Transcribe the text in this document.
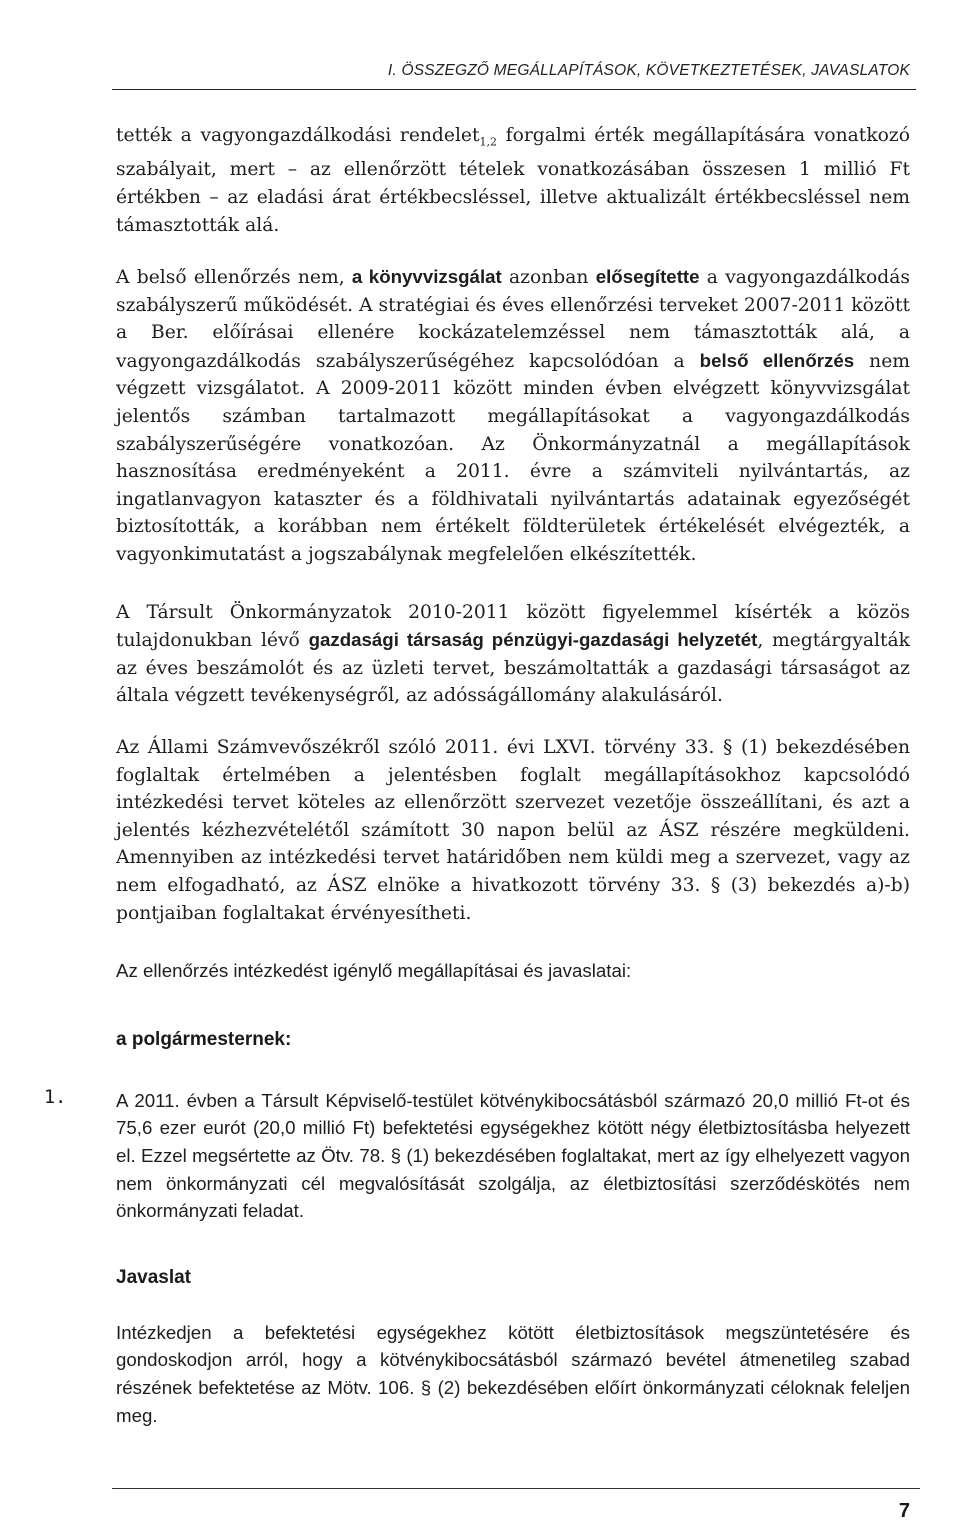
I. ÖSSZEGZŐ MEGÁLLAPÍTÁSOK, KÖVETKEZTETÉSEK, JAVASLATOK

tették a vagyongazdálkodási rendelet$_{1,2}$ forgalmi érték megállapítására vonatkozó szabályait, mert – az ellenőrzött tételek vonatkozásában összesen 1 millió Ft értékben – az eladási árat értékbecsléssel, illetve aktualizált értékbecsléssel nem támasztották alá.

A belső ellenőrzés nem, a könyvvizsgálat azonban elősegítette a vagyongazdálkodás szabályszerű működését. A stratégiai és éves ellenőrzési terveket 2007-2011 között a Ber. előírásai ellenére kockázatelemzéssel nem támasztották alá, a vagyongazdálkodás szabályszerűségéhez kapcsolódóan a belső ellenőrzés nem végzett vizsgálatot. A 2009-2011 között minden évben elvégzett könyvvizsgálat jelentős számban tartalmazott megállapításokat a vagyongazdálkodás szabályszerűségére vonatkozóan. Az Önkormányzatnál a megállapítások hasznosítása eredményeként a 2011. évre a számviteli nyilvántartás, az ingatlanvagyon kataszter és a földhivatali nyilvántartás adatainak egyezőségét biztosították, a korábban nem értékelt földterületek értékelését elvégezték, a vagyonkimutatást a jogszabálynak megfelelően elkészítették.

A Társult Önkormányzatok 2010-2011 között figyelemmel kísérték a közös tulajdonukban lévő gazdasági társaság pénzügyi-gazdasági helyzetét, megtárgyalták az éves beszámolót és az üzleti tervet, beszámoltatták a gazdasági társaságot az általa végzett tevékenységről, az adósságállomány alakulásáról.

Az Állami Számvevőszékről szóló 2011. évi LXVI. törvény 33. § (1) bekezdésében foglaltak értelmében a jelentésben foglalt megállapításokhoz kapcsolódó intézkedési tervet köteles az ellenőrzött szervezet vezetője összeállítani, és azt a jelentés kézhezvételétől számított 30 napon belül az ÁSZ részére megküldeni. Amennyiben az intézkedési tervet határidőben nem küldi meg a szervezet, vagy az nem elfogadható, az ÁSZ elnöke a hivatkozott törvény 33. § (3) bekezdés a)-b) pontjaiban foglaltakat érvényesítheti.

Az ellenőrzés intézkedést igénylő megállapításai és javaslatai:

a polgármesternek:

1.	A 2011. évben a Társult Képviselő-testület kötvénykibocsátásból származó 20,0 millió Ft-ot és 75,6 ezer eurót (20,0 millió Ft) befektetési egységekhez kötött négy életbiztosításba helyezett el. Ezzel megsértette az Ötv. 78. § (1) bekezdésében foglaltakat, mert az így elhelyezett vagyon nem önkormányzati cél megvalósítását szolgálja, az életbiztosítási szerződéskötés nem önkormányzati feladat.

Javaslat

Intézkedjen a befektetési egységekhez kötött életbiztosítások megszüntetésére és gondoskodjon arról, hogy a kötvénykibocsátásból származó bevétel átmenetileg szabad részének befektetése az Mötv. 106. § (2) bekezdésében előírt önkormányzati céloknak feleljen meg.

7
